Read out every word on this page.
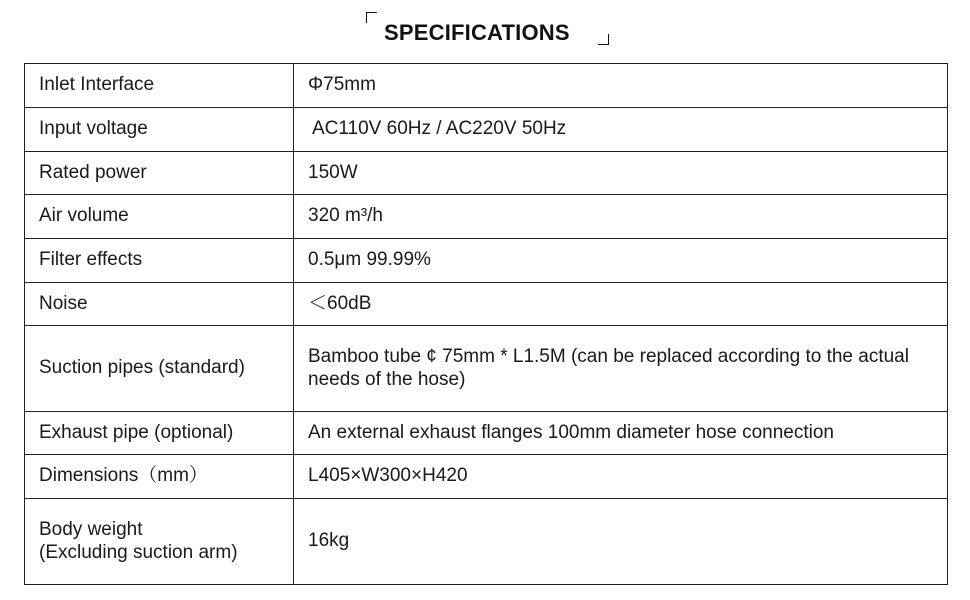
SPECIFICATIONS
Inlet Interface	Φ75mm
Input voltage	AC110V 60Hz / AC220V 50Hz
Rated power	150W
Air volume	320 m³/h
Filter effects	0.5μm 99.99%
Noise	＜60dB
Suction pipes (standard)	Bamboo tube ¢ 75mm * L1.5M (can be replaced according to the actual needs of the hose)
Exhaust pipe (optional)	An external exhaust flanges 100mm diameter hose connection
Dimensions（mm）	L405×W300×H420
Body weight
(Excluding suction arm)	16kg
